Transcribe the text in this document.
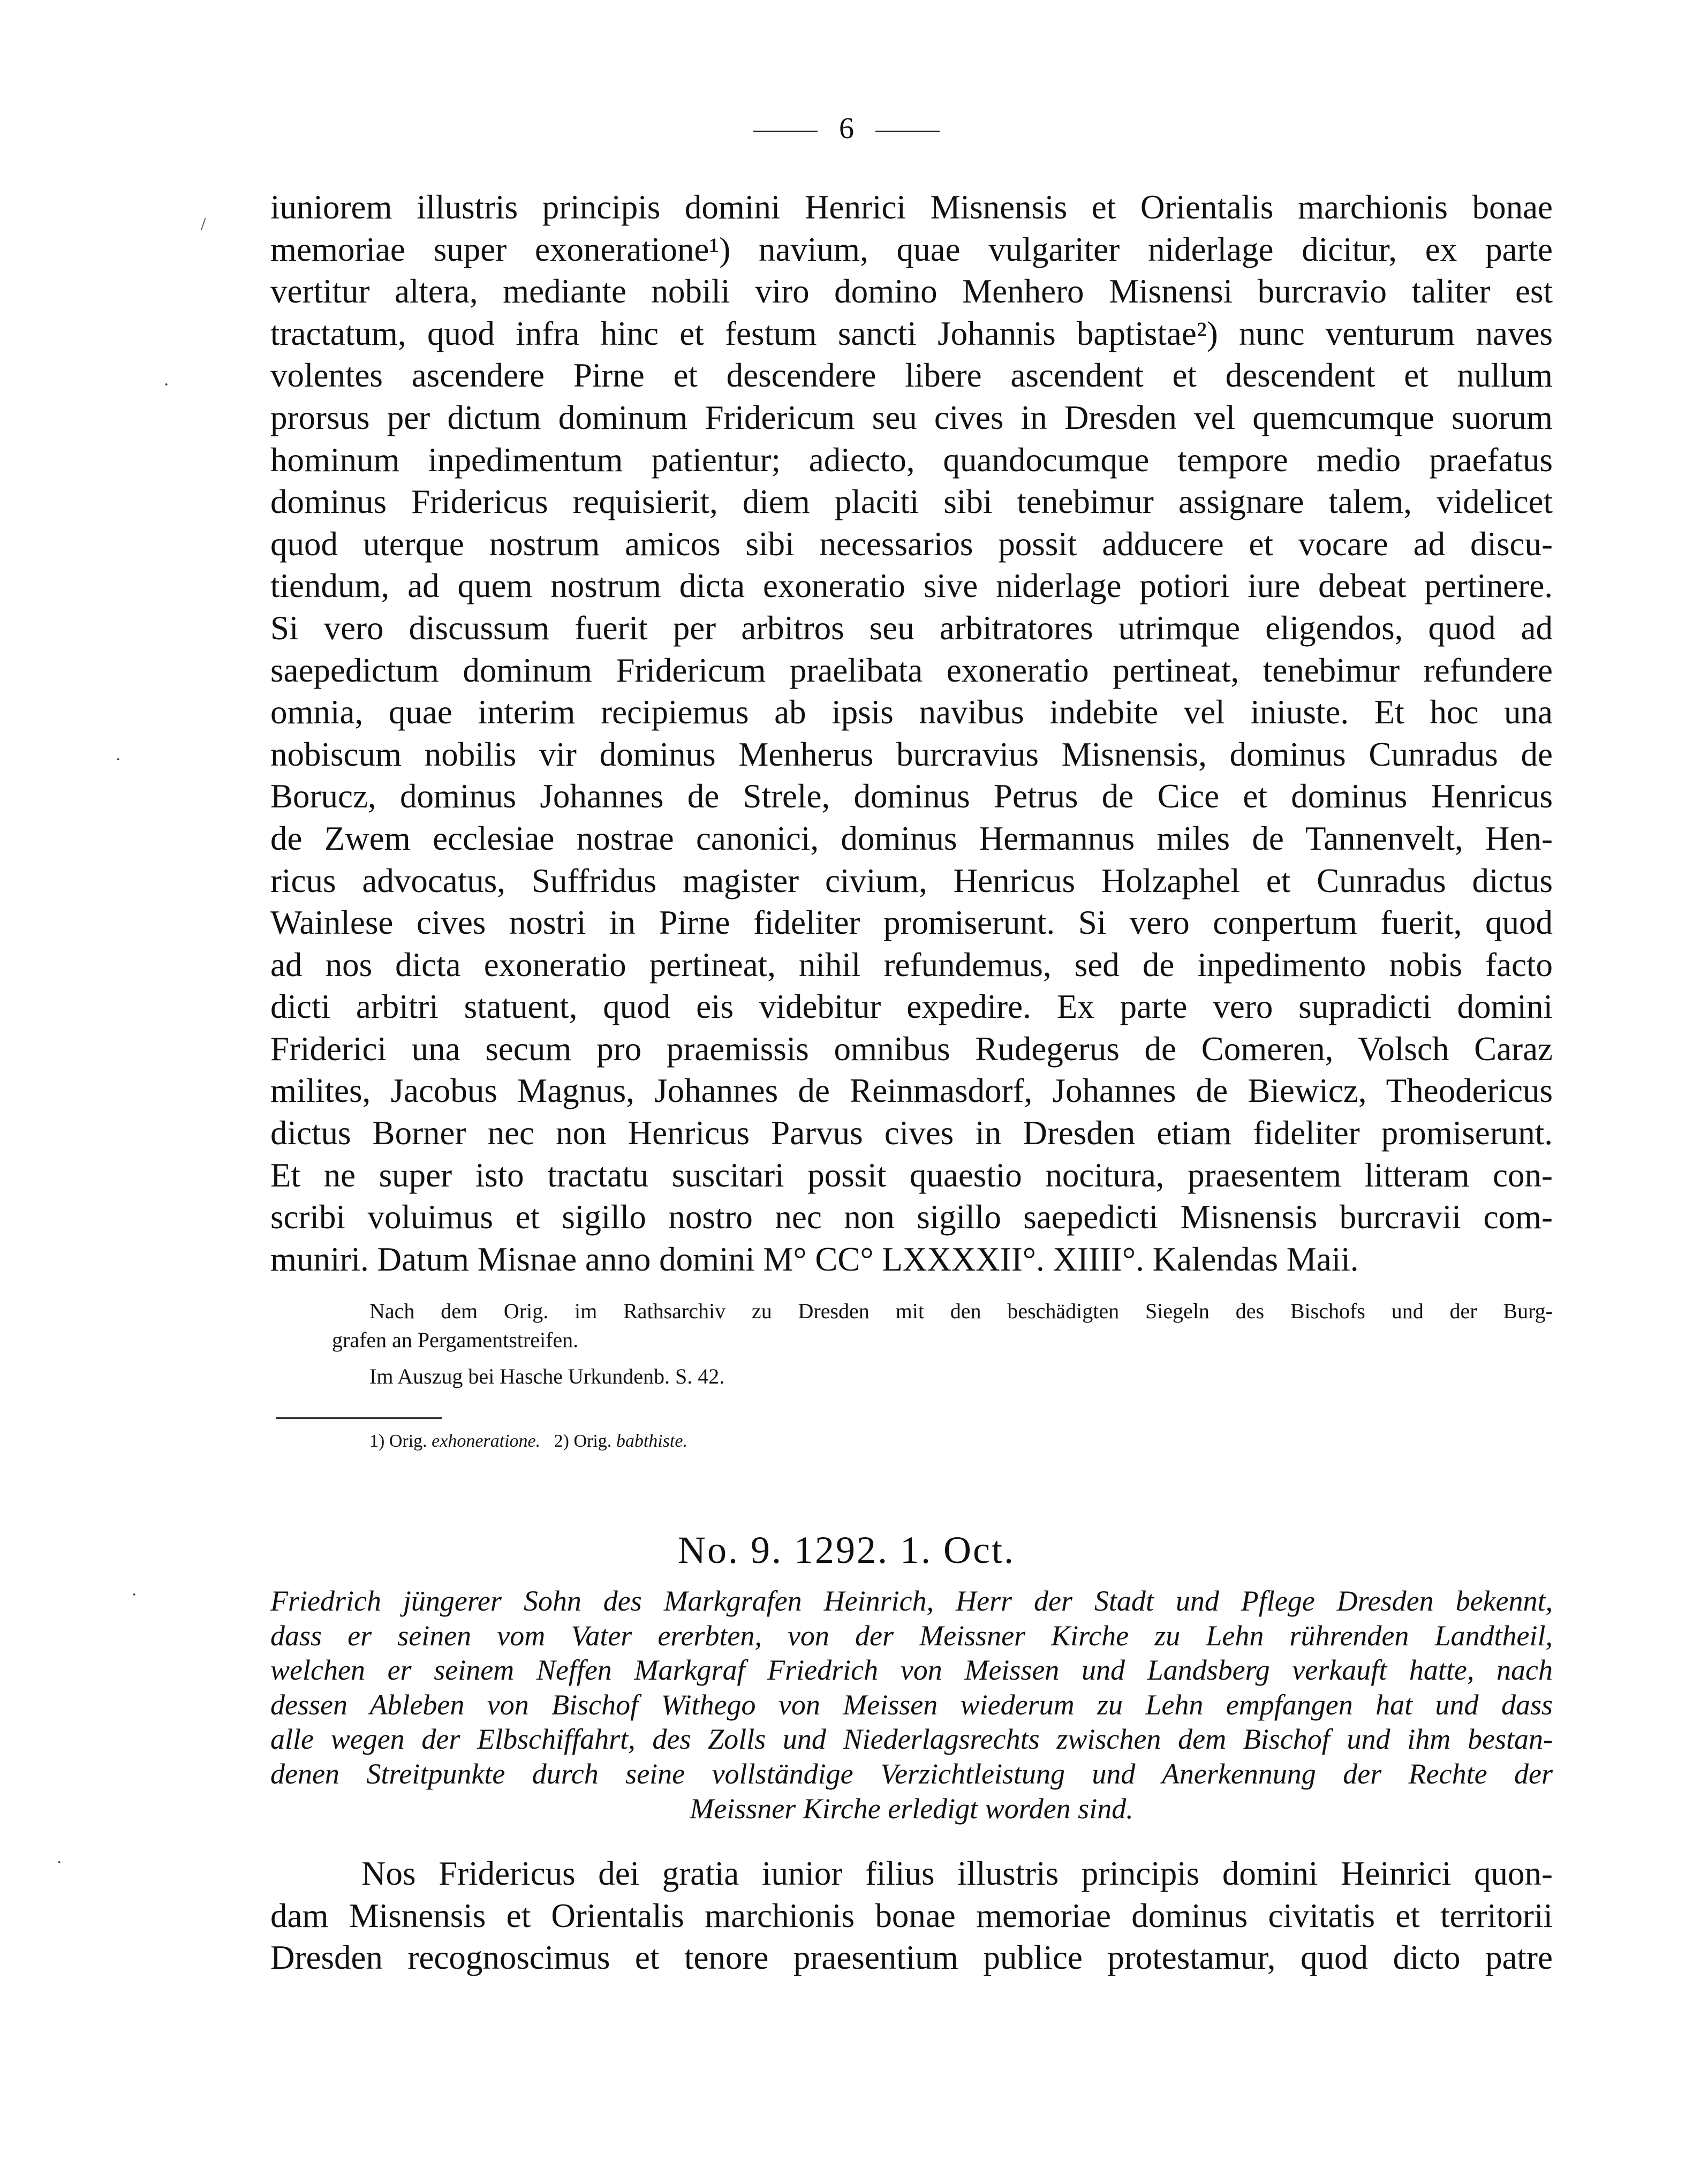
6
iuniorem illustris principis domini Henrici Misnensis et Orientalis marchionis bonae
memoriae super exoneratione¹) navium, quae vulgariter niderlage dicitur, ex parte
vertitur altera, mediante nobili viro domino Menhero Misnensi burcravio taliter est
tractatum, quod infra hinc et festum sancti Johannis baptistae²) nunc venturum naves
volentes ascendere Pirne et descendere libere ascendent et descendent et nullum
prorsus per dictum dominum Fridericum seu cives in Dresden vel quemcumque suorum
hominum inpedimentum patientur; adiecto, quandocumque tempore medio praefatus
dominus Fridericus requisierit, diem placiti sibi tenebimur assignare talem, videlicet
quod uterque nostrum amicos sibi necessarios possit adducere et vocare ad discu-
tiendum, ad quem nostrum dicta exoneratio sive niderlage potiori iure debeat pertinere.
Si vero discussum fuerit per arbitros seu arbitratores utrimque eligendos, quod ad
saepedictum dominum Fridericum praelibata exoneratio pertineat, tenebimur refundere
omnia, quae interim recipiemus ab ipsis navibus indebite vel iniuste. Et hoc una
nobiscum nobilis vir dominus Menherus burcravius Misnensis, dominus Cunradus de
Borucz, dominus Johannes de Strele, dominus Petrus de Cice et dominus Henricus
de Zwem ecclesiae nostrae canonici, dominus Hermannus miles de Tannenvelt, Hen-
ricus advocatus, Suffridus magister civium, Henricus Holzaphel et Cunradus dictus
Wainlese cives nostri in Pirne fideliter promiserunt. Si vero conpertum fuerit, quod
ad nos dicta exoneratio pertineat, nihil refundemus, sed de inpedimento nobis facto
dicti arbitri statuent, quod eis videbitur expedire. Ex parte vero supradicti domini
Friderici una secum pro praemissis omnibus Rudegerus de Comeren, Volsch Caraz
milites, Jacobus Magnus, Johannes de Reinmasdorf, Johannes de Biewicz, Theodericus
dictus Borner nec non Henricus Parvus cives in Dresden etiam fideliter promiserunt.
Et ne super isto tractatu suscitari possit quaestio nocitura, praesentem litteram con-
scribi voluimus et sigillo nostro nec non sigillo saepedicti Misnensis burcravii com-
muniri. Datum Misnae anno domini M° CC° LXXXXII°. XIIII°. Kalendas Maii.
Nach dem Orig. im Rathsarchiv zu Dresden mit den beschädigten Siegeln des Bischofs und der Burg-
grafen an Pergamentstreifen.
Im Auszug bei Hasche Urkundenb. S. 42.
1) Orig. exhoneratione. 2) Orig. babthiste.
No. 9. 1292. 1. Oct.
Friedrich jüngerer Sohn des Markgrafen Heinrich, Herr der Stadt und Pflege Dresden bekennt,
dass er seinen vom Vater ererbten, von der Meissner Kirche zu Lehn rührenden Landtheil,
welchen er seinem Neffen Markgraf Friedrich von Meissen und Landsberg verkauft hatte, nach
dessen Ableben von Bischof Withego von Meissen wiederum zu Lehn empfangen hat und dass
alle wegen der Elbschiffahrt, des Zolls und Niederlagsrechts zwischen dem Bischof und ihm bestan-
denen Streitpunkte durch seine vollständige Verzichtleistung und Anerkennung der Rechte der
Meissner Kirche erledigt worden sind.
Nos Fridericus dei gratia iunior filius illustris principis domini Heinrici quon-
dam Misnensis et Orientalis marchionis bonae memoriae dominus civitatis et territorii
Dresden recognoscimus et tenore praesentium publice protestamur, quod dicto patre
/
·
·
·
·
